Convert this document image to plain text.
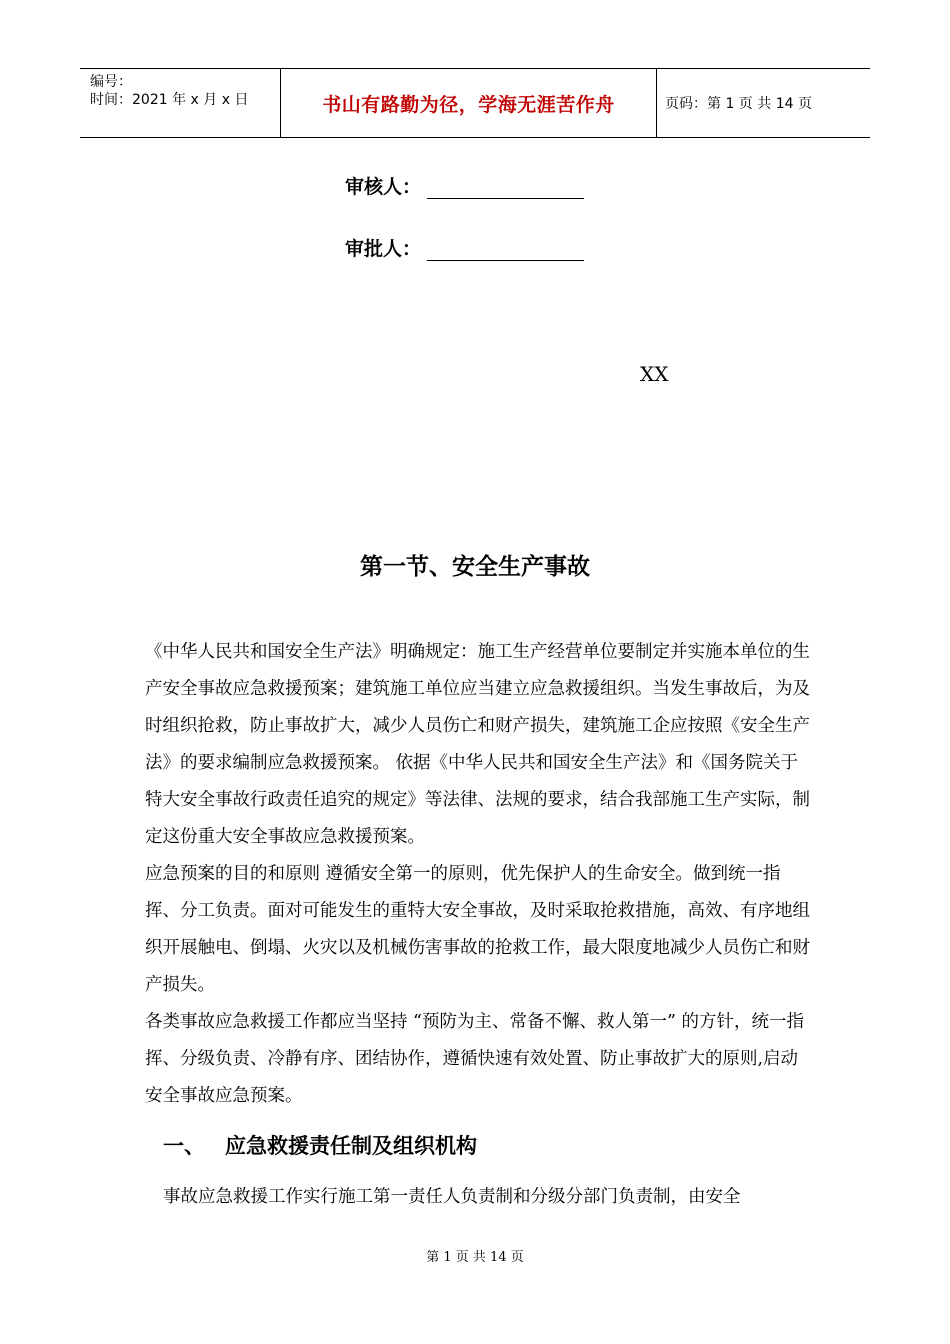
编号：
时间：2021 年 x 月 x 日	书山有路勤为径，学海无涯苦作舟	页码：第 1 页 共 14 页
审核人：
审批人：
XX
第一节、安全生产事故

《中华人民共和国安全生产法》明确规定：施工生产经营单位要制定并实施本单位的生产安全事故应急救援预案；建筑施工单位应当建立应急救援组织。当发生事故后，为及时组织抢救，防止事故扩大，减少人员伤亡和财产损失，建筑施工企应按照《安全生产法》的要求编制应急救援预案。 依据《中华人民共和国安全生产法》和《国务院关于特大安全事故行政责任追究的规定》等法律、法规的要求，结合我部施工生产实际，制定这份重大安全事故应急救援预案。

应急预案的目的和原则 遵循安全第一的原则，优先保护人的生命安全。做到统一指挥、分工负责。面对可能发生的重特大安全事故，及时采取抢救措施，高效、有序地组织开展触电、倒塌、火灾以及机械伤害事故的抢救工作，最大限度地减少人员伤亡和财产损失。

各类事故应急救援工作都应当坚持 “预防为主、常备不懈、救人第一” 的方针，统一指挥、分级负责、冷静有序、团结协作，遵循快速有效处置、防止事故扩大的原则,启动安全事故应急预案。

一、 应急救援责任制及组织机构
事故应急救援工作实行施工第一责任人负责制和分级分部门负责制，由安全
第 1 页 共 14 页
